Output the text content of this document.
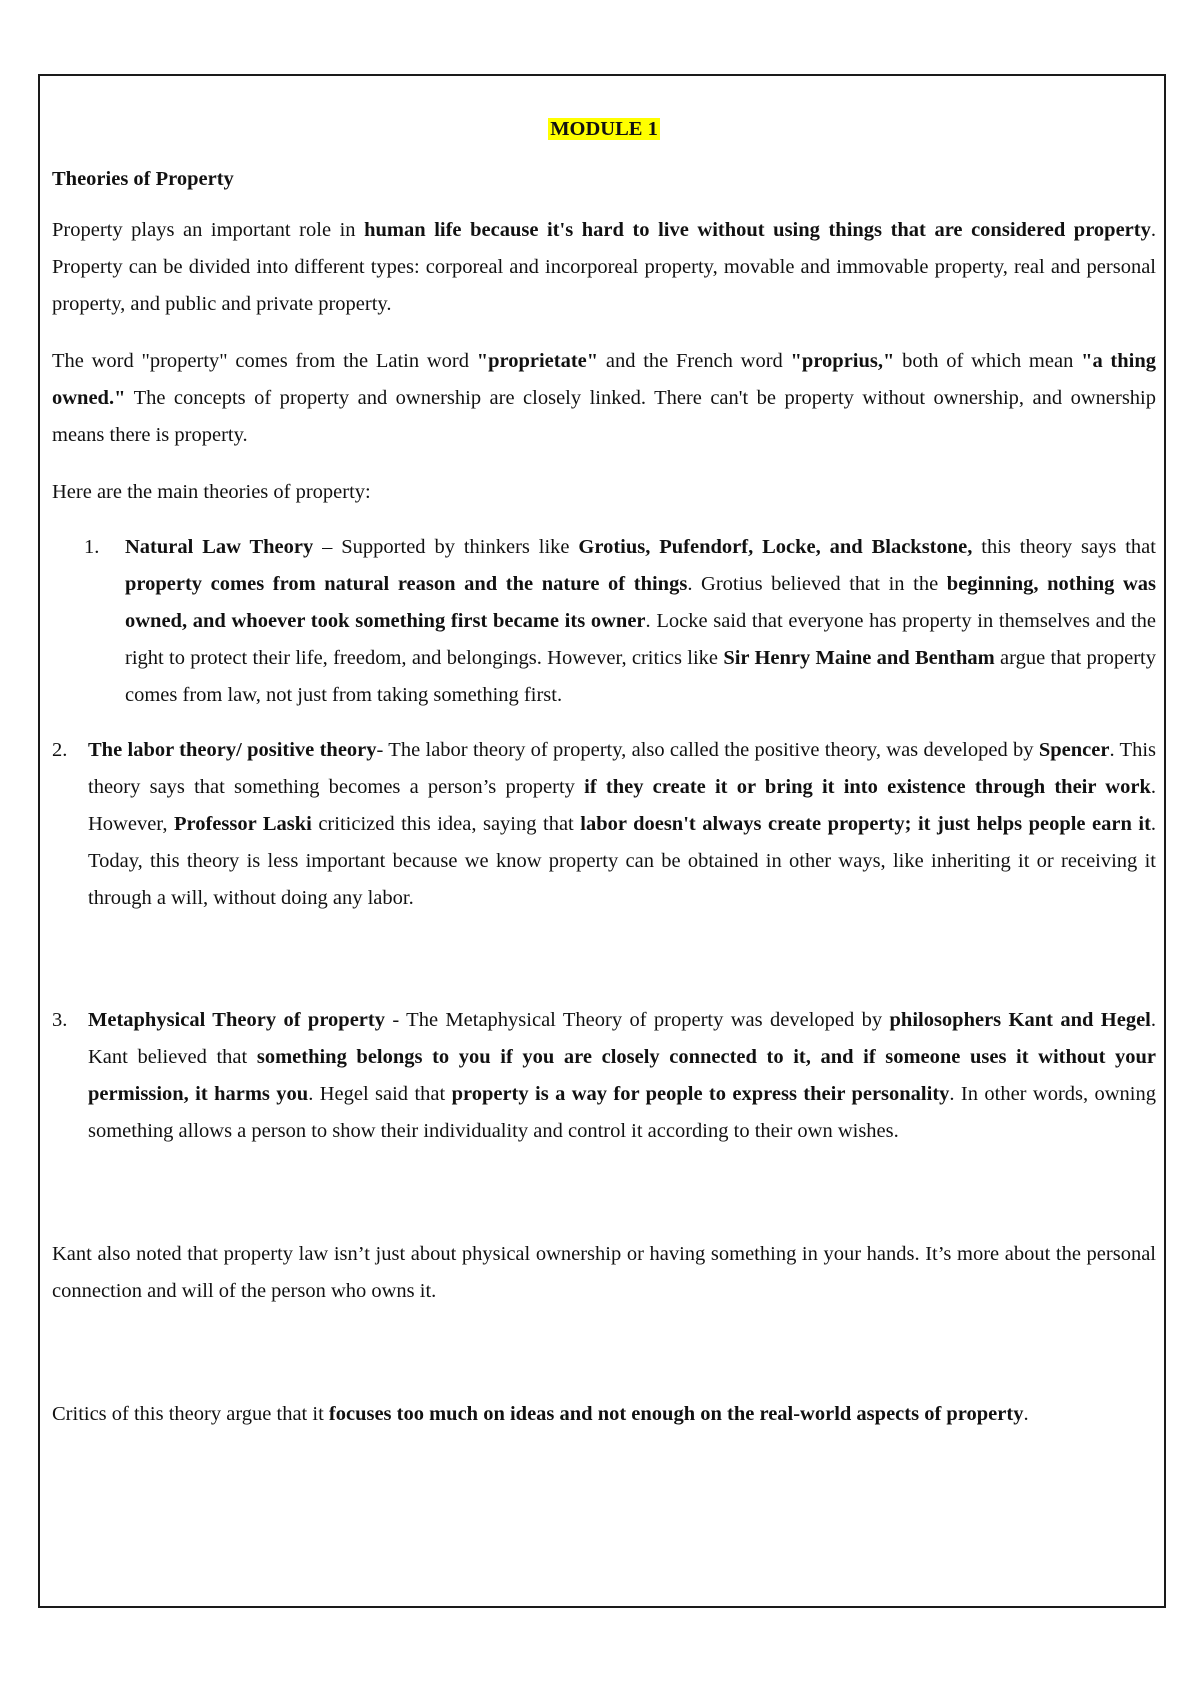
MODULE 1
Theories of Property

Property plays an important role in human life because it's hard to live without using things that are considered property. Property can be divided into different types: corporeal and incorporeal property, movable and immovable property, real and personal property, and public and private property.

The word "property" comes from the Latin word "proprietate" and the French word "proprius," both of which mean "a thing owned." The concepts of property and ownership are closely linked. There can't be property without ownership, and ownership means there is property.

Here are the main theories of property:

1. Natural Law Theory – Supported by thinkers like Grotius, Pufendorf, Locke, and Blackstone, this theory says that property comes from natural reason and the nature of things. Grotius believed that in the beginning, nothing was owned, and whoever took something first became its owner. Locke said that everyone has property in themselves and the right to protect their life, freedom, and belongings. However, critics like Sir Henry Maine and Bentham argue that property comes from law, not just from taking something first.
2. The labor theory/ positive theory- The labor theory of property, also called the positive theory, was developed by Spencer. This theory says that something becomes a person’s property if they create it or bring it into existence through their work. However, Professor Laski criticized this idea, saying that labor doesn't always create property; it just helps people earn it. Today, this theory is less important because we know property can be obtained in other ways, like inheriting it or receiving it through a will, without doing any labor.
3. Metaphysical Theory of property - The Metaphysical Theory of property was developed by philosophers Kant and Hegel. Kant believed that something belongs to you if you are closely connected to it, and if someone uses it without your permission, it harms you. Hegel said that property is a way for people to express their personality. In other words, owning something allows a person to show their individuality and control it according to their own wishes.

Kant also noted that property law isn’t just about physical ownership or having something in your hands. It’s more about the personal connection and will of the person who owns it.

Critics of this theory argue that it focuses too much on ideas and not enough on the real-world aspects of property.
